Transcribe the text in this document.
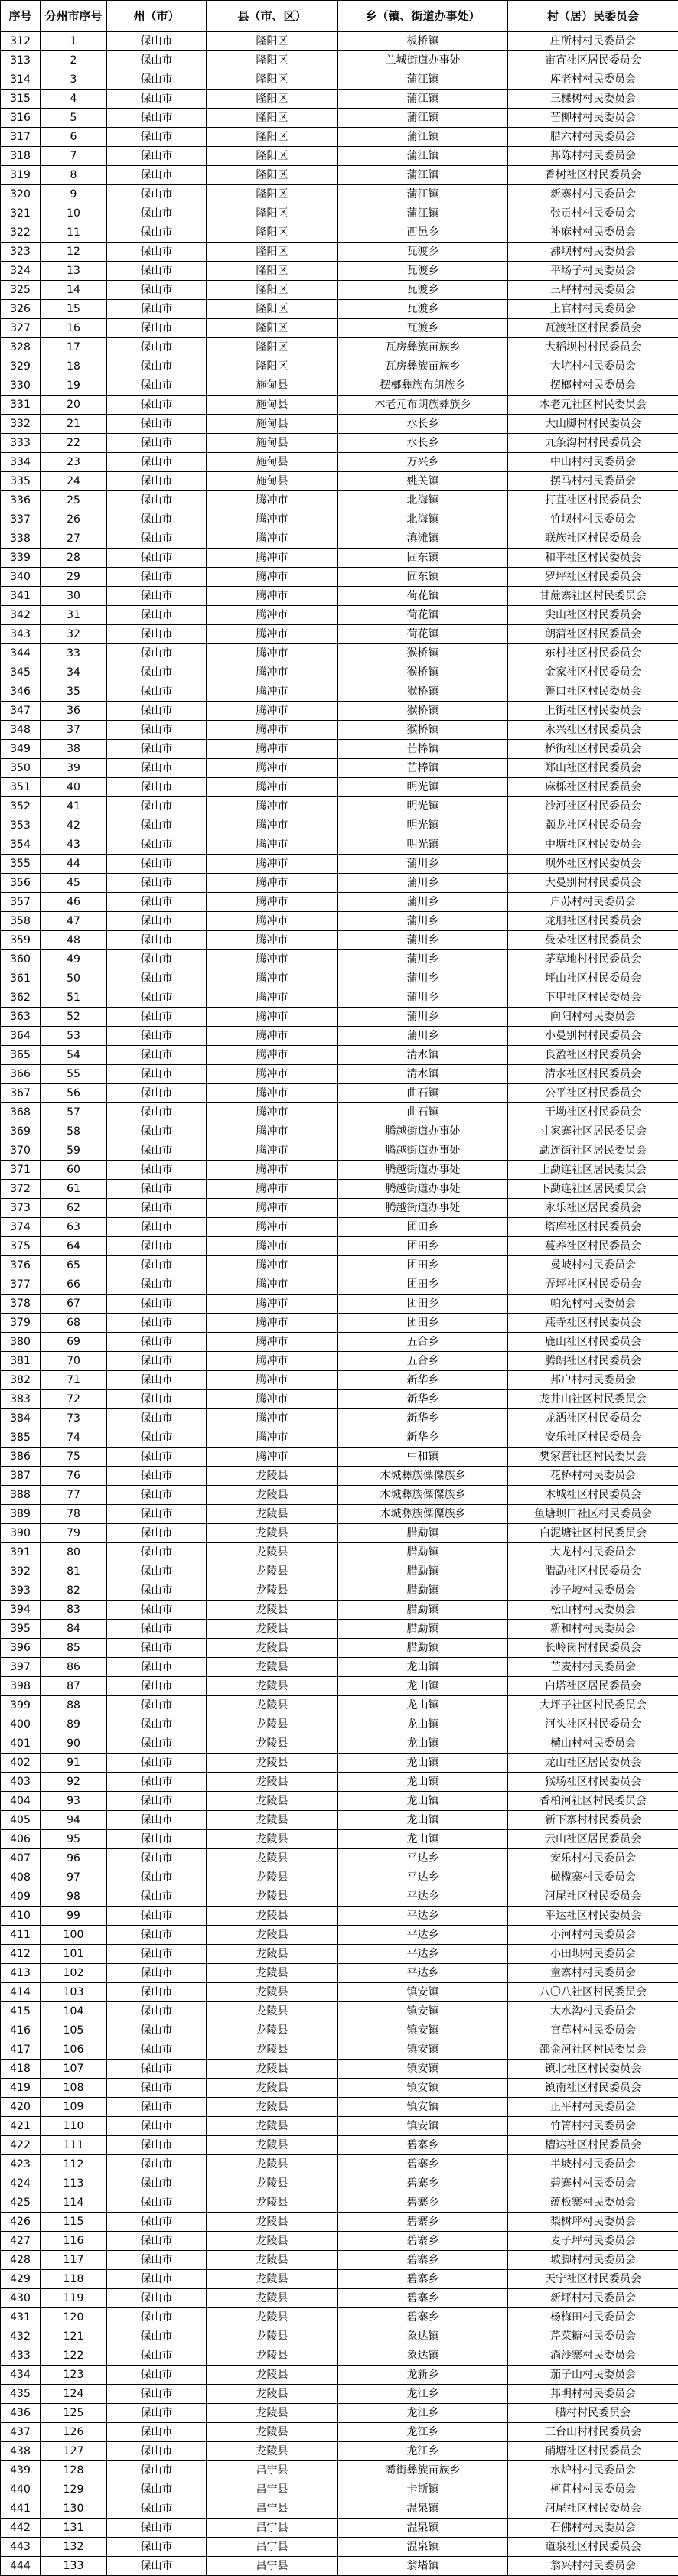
序号	分州市序号	州（市）	县（市、区）	乡（镇、街道办事处）	村（居）民委员会
312	1	保山市	隆阳区	板桥镇	庄所村村民委员会
313	2	保山市	隆阳区	兰城街道办事处	宙宵社区居民委员会
314	3	保山市	隆阳区	蒲江镇	库老村村民委员会
315	4	保山市	隆阳区	蒲江镇	三棵树村民委员会
316	5	保山市	隆阳区	蒲江镇	芒柳村村民委员会
317	6	保山市	隆阳区	蒲江镇	腊六村村民委员会
318	7	保山市	隆阳区	蒲江镇	邦陈村村民委员会
319	8	保山市	隆阳区	蒲江镇	香树社区村民委员会
320	9	保山市	隆阳区	蒲江镇	新寨村村民委员会
321	10	保山市	隆阳区	蒲江镇	张贡村村民委员会
322	11	保山市	隆阳区	西邑乡	补麻村村民委员会
323	12	保山市	隆阳区	瓦渡乡	沸坝村村民委员会
324	13	保山市	隆阳区	瓦渡乡	平场子村民委员会
325	14	保山市	隆阳区	瓦渡乡	三坪村村民委员会
326	15	保山市	隆阳区	瓦渡乡	上官村村民委员会
327	16	保山市	隆阳区	瓦渡乡	瓦渡社区村民委员会
328	17	保山市	隆阳区	瓦房彝族苗族乡	大稻坝村村民委员会
329	18	保山市	隆阳区	瓦房彝族苗族乡	大坑村村民委员会
330	19	保山市	施甸县	摆榔彝族布朗族乡	摆榔村村民委员会
331	20	保山市	施甸县	木老元布朗族彝族乡	木老元社区村民委员会
332	21	保山市	施甸县	水长乡	大山脚村村民委员会
333	22	保山市	施甸县	水长乡	九条沟村村民委员会
334	23	保山市	施甸县	万兴乡	中山村村民委员会
335	24	保山市	施甸县	姚关镇	摆马村村民委员会
336	25	保山市	腾冲市	北海镇	打苴社区村民委员会
337	26	保山市	腾冲市	北海镇	竹坝村村民委员会
338	27	保山市	腾冲市	滇滩镇	联族社区村民委员会
339	28	保山市	腾冲市	固东镇	和平社区村民委员会
340	29	保山市	腾冲市	固东镇	罗坪社区村民委员会
341	30	保山市	腾冲市	荷花镇	甘蔗寨社区村民委员会
342	31	保山市	腾冲市	荷花镇	尖山社区村民委员会
343	32	保山市	腾冲市	荷花镇	朗蒲社区村民委员会
344	33	保山市	腾冲市	猴桥镇	东村社区村民委员会
345	34	保山市	腾冲市	猴桥镇	金家社区村民委员会
346	35	保山市	腾冲市	猴桥镇	箐口社区村民委员会
347	36	保山市	腾冲市	猴桥镇	上街社区村民委员会
348	37	保山市	腾冲市	猴桥镇	永兴社区村民委员会
349	38	保山市	腾冲市	芒棒镇	桥街社区村民委员会
350	39	保山市	腾冲市	芒棒镇	郑山社区村民委员会
351	40	保山市	腾冲市	明光镇	麻栎社区村民委员会
352	41	保山市	腾冲市	明光镇	沙河社区村民委员会
353	42	保山市	腾冲市	明光镇	颛龙社区村民委员会
354	43	保山市	腾冲市	明光镇	中塘社区村民委员会
355	44	保山市	腾冲市	蒲川乡	坝外社区村民委员会
356	45	保山市	腾冲市	蒲川乡	大曼别村村民委员会
357	46	保山市	腾冲市	蒲川乡	户苏村村民委员会
358	47	保山市	腾冲市	蒲川乡	龙朋社区村民委员会
359	48	保山市	腾冲市	蒲川乡	曼朵社区村民委员会
360	49	保山市	腾冲市	蒲川乡	茅草地村村民委员会
361	50	保山市	腾冲市	蒲川乡	坪山社区村民委员会
362	51	保山市	腾冲市	蒲川乡	下甲社区村民委员会
363	52	保山市	腾冲市	蒲川乡	向阳村村民委员会
364	53	保山市	腾冲市	蒲川乡	小曼别村村民委员会
365	54	保山市	腾冲市	清水镇	良盈社区村民委员会
366	55	保山市	腾冲市	清水镇	清水社区村民委员会
367	56	保山市	腾冲市	曲石镇	公平社区村民委员会
368	57	保山市	腾冲市	曲石镇	干坳社区村民委员会
369	58	保山市	腾冲市	腾越街道办事处	寸家寨社区居民委员会
370	59	保山市	腾冲市	腾越街道办事处	勐连街社区居民委员会
371	60	保山市	腾冲市	腾越街道办事处	上勐连社区居民委员会
372	61	保山市	腾冲市	腾越街道办事处	下勐连社区居民委员会
373	62	保山市	腾冲市	腾越街道办事处	永乐社区居民委员会
374	63	保山市	腾冲市	团田乡	塔库社区村民委员会
375	64	保山市	腾冲市	团田乡	蔓养社区村民委员会
376	65	保山市	腾冲市	团田乡	曼岐村村民委员会
377	66	保山市	腾冲市	团田乡	弄坪社区村民委员会
378	67	保山市	腾冲市	团田乡	帕允村村民委员会
379	68	保山市	腾冲市	团田乡	燕寺社区村民委员会
380	69	保山市	腾冲市	五合乡	鹿山社区村民委员会
381	70	保山市	腾冲市	五合乡	腾朗社区村民委员会
382	71	保山市	腾冲市	新华乡	邦户村村民委员会
383	72	保山市	腾冲市	新华乡	龙井山社区村民委员会
384	73	保山市	腾冲市	新华乡	龙洒社区村民委员会
385	74	保山市	腾冲市	新华乡	安乐社区村民委员会
386	75	保山市	腾冲市	中和镇	樊家营社区村民委员会
387	76	保山市	龙陵县	木城彝族傈僳族乡	花桥村村民委员会
388	77	保山市	龙陵县	木城彝族傈僳族乡	木城社区村民委员会
389	78	保山市	龙陵县	木城彝族傈僳族乡	鱼塘坝口社区村民委员会
390	79	保山市	龙陵县	腊勐镇	白泥塘社区村民委员会
391	80	保山市	龙陵县	腊勐镇	大龙村村民委员会
392	81	保山市	龙陵县	腊勐镇	腊勐社区村民委员会
393	82	保山市	龙陵县	腊勐镇	沙子坡村民委员会
394	83	保山市	龙陵县	腊勐镇	松山村村民委员会
395	84	保山市	龙陵县	腊勐镇	新和村村民委员会
396	85	保山市	龙陵县	腊勐镇	长岭岗村村民委员会
397	86	保山市	龙陵县	龙山镇	芒麦村村民委员会
398	87	保山市	龙陵县	龙山镇	白塔社区居民委员会
399	88	保山市	龙陵县	龙山镇	大坪子社区村民委员会
400	89	保山市	龙陵县	龙山镇	河头社区村民委员会
401	90	保山市	龙陵县	龙山镇	横山村村民委员会
402	91	保山市	龙陵县	龙山镇	龙山社区居民委员会
403	92	保山市	龙陵县	龙山镇	猴场社区村民委员会
404	93	保山市	龙陵县	龙山镇	香柏河社区村民委员会
405	94	保山市	龙陵县	龙山镇	新下寨村村民委员会
406	95	保山市	龙陵县	龙山镇	云山社区居民委员会
407	96	保山市	龙陵县	平达乡	安乐村村民委员会
408	97	保山市	龙陵县	平达乡	橄榄寨村民委员会
409	98	保山市	龙陵县	平达乡	河尾社区村民委员会
410	99	保山市	龙陵县	平达乡	平达社区村民委员会
411	100	保山市	龙陵县	平达乡	小河村村民委员会
412	101	保山市	龙陵县	平达乡	小田坝村民委员会
413	102	保山市	龙陵县	平达乡	童寨村村民委员会
414	103	保山市	龙陵县	镇安镇	八〇八社区村民委员会
415	104	保山市	龙陵县	镇安镇	大水沟村民委员会
416	105	保山市	龙陵县	镇安镇	官草村村民委员会
417	106	保山市	龙陵县	镇安镇	邵金河社区村民委员会
418	107	保山市	龙陵县	镇安镇	镇北社区村民委员会
419	108	保山市	龙陵县	镇安镇	镇南社区村民委员会
420	109	保山市	龙陵县	镇安镇	正平村村民委员会
421	110	保山市	龙陵县	镇安镇	竹箐村村民委员会
422	111	保山市	龙陵县	碧寨乡	槽达社区村民委员会
423	112	保山市	龙陵县	碧寨乡	半坡村村民委员会
424	113	保山市	龙陵县	碧寨乡	碧寨村村民委员会
425	114	保山市	龙陵县	碧寨乡	蕴板寨村民委员会
426	115	保山市	龙陵县	碧寨乡	梨树坪村民委员会
427	116	保山市	龙陵县	碧寨乡	麦子坪村民委员会
428	117	保山市	龙陵县	碧寨乡	坡脚村村民委员会
429	118	保山市	龙陵县	碧寨乡	天宁社区村民委员会
430	119	保山市	龙陵县	碧寨乡	新坪村村民委员会
431	120	保山市	龙陵县	碧寨乡	杨梅田村民委员会
432	121	保山市	龙陵县	象达镇	芹菜糖村民委员会
433	122	保山市	龙陵县	象达镇	淌沙寨村民委员会
434	123	保山市	龙陵县	龙新乡	茄子山村民委员会
435	124	保山市	龙陵县	龙江乡	邦明村村民委员会
436	125	保山市	龙陵县	龙江乡	腊村村民委员会
437	126	保山市	龙陵县	龙江乡	三台山村村民委员会
438	127	保山市	龙陵县	龙江乡	硝塘社区村民委员会
439	128	保山市	昌宁县	耈街彝族苗族乡	水炉村村民委员会
440	129	保山市	昌宁县	卡斯镇	柯苴村村民委员会
441	130	保山市	昌宁县	温泉镇	河尾社区村民委员会
442	131	保山市	昌宁县	温泉镇	石佛村村民委员会
443	132	保山市	昌宁县	温泉镇	道泉社区村民委员会
444	133	保山市	昌宁县	翁堵镇	翁兴村村民委员会
